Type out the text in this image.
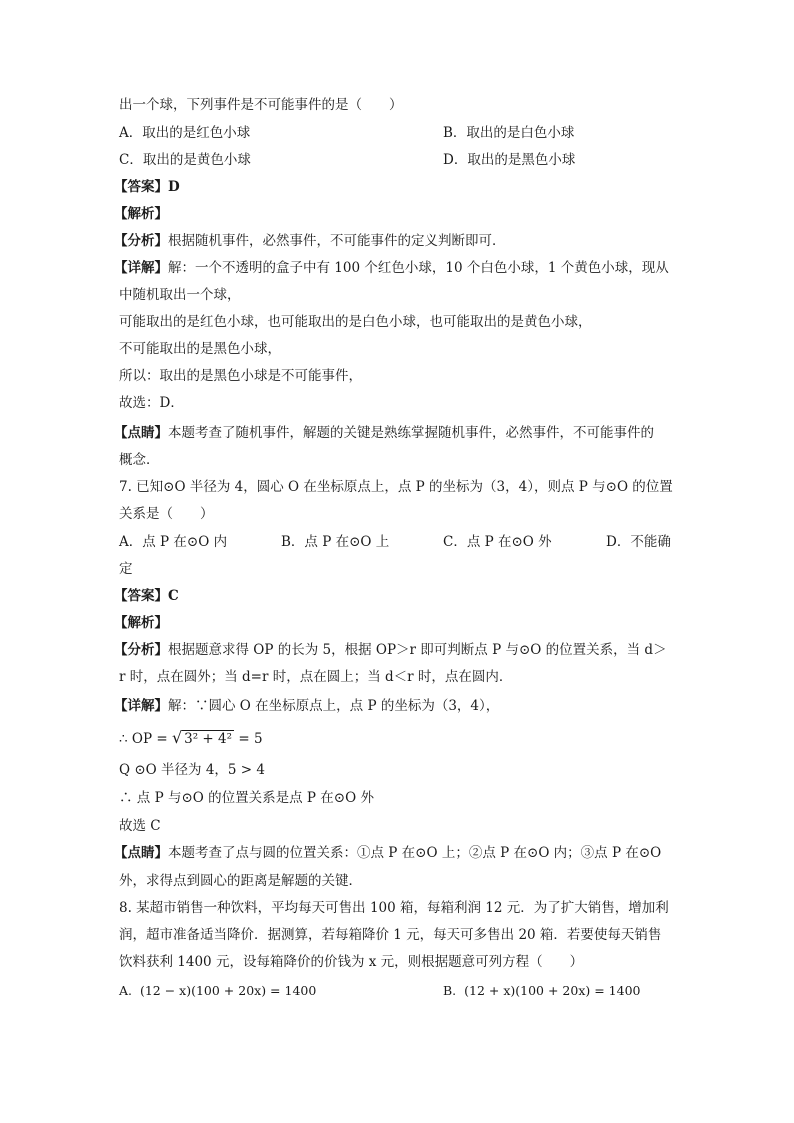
出一个球，下列事件是不可能事件的是（　　）
A．取出的是红色小球	B．取出的是白色小球
C．取出的是黄色小球	D．取出的是黑色小球
【答案】D
【解析】
【分析】根据随机事件，必然事件，不可能事件的定义判断即可．
【详解】解：一个不透明的盒子中有 100 个红色小球，10 个白色小球，1 个黄色小球，现从
中随机取出一个球，
可能取出的是红色小球，也可能取出的是白色小球，也可能取出的是黄色小球，
不可能取出的是黑色小球，
所以：取出的是黑色小球是不可能事件，
故选：D．
【点睛】本题考查了随机事件，解题的关键是熟练掌握随机事件，必然事件，不可能事件的
概念．
7. 已知⊙O 半径为 4，圆心 O 在坐标原点上，点 P 的坐标为（3，4），则点 P 与⊙O 的位置
关系是（　　）
A．点 P 在⊙O 内	B．点 P 在⊙O 上	C．点 P 在⊙O 外	D．不能确
定
【答案】C
【解析】
【分析】根据题意求得 OP 的长为 5，根据 OP＞r 即可判断点 P 与⊙O 的位置关系，当 d＞
r 时，点在圆外；当 d=r 时，点在圆上；当 d＜r 时，点在圆内．
【详解】解：∵圆心 O 在坐标原点上，点 P 的坐标为（3，4），
∴ OP = √ 3² + 4² = 5
Q ⊙O 半径为 4，5 > 4
∴ 点 P 与⊙O 的位置关系是点 P 在⊙O 外
故选 C
【点睛】本题考查了点与圆的位置关系：①点 P 在⊙O 上；②点 P 在⊙O 内；③点 P 在⊙O
外，求得点到圆心的距离是解题的关键．
8. 某超市销售一种饮料，平均每天可售出 100 箱，每箱利润 12 元．为了扩大销售，增加利
润，超市准备适当降价．据测算，若每箱降价 1 元，每天可多售出 20 箱．若要使每天销售
饮料获利 1400 元，设每箱降价的价钱为 x 元，则根据题意可列方程（　　）
A. (12 − x)(100 + 20x) = 1400	B. (12 + x)(100 + 20x) = 1400
